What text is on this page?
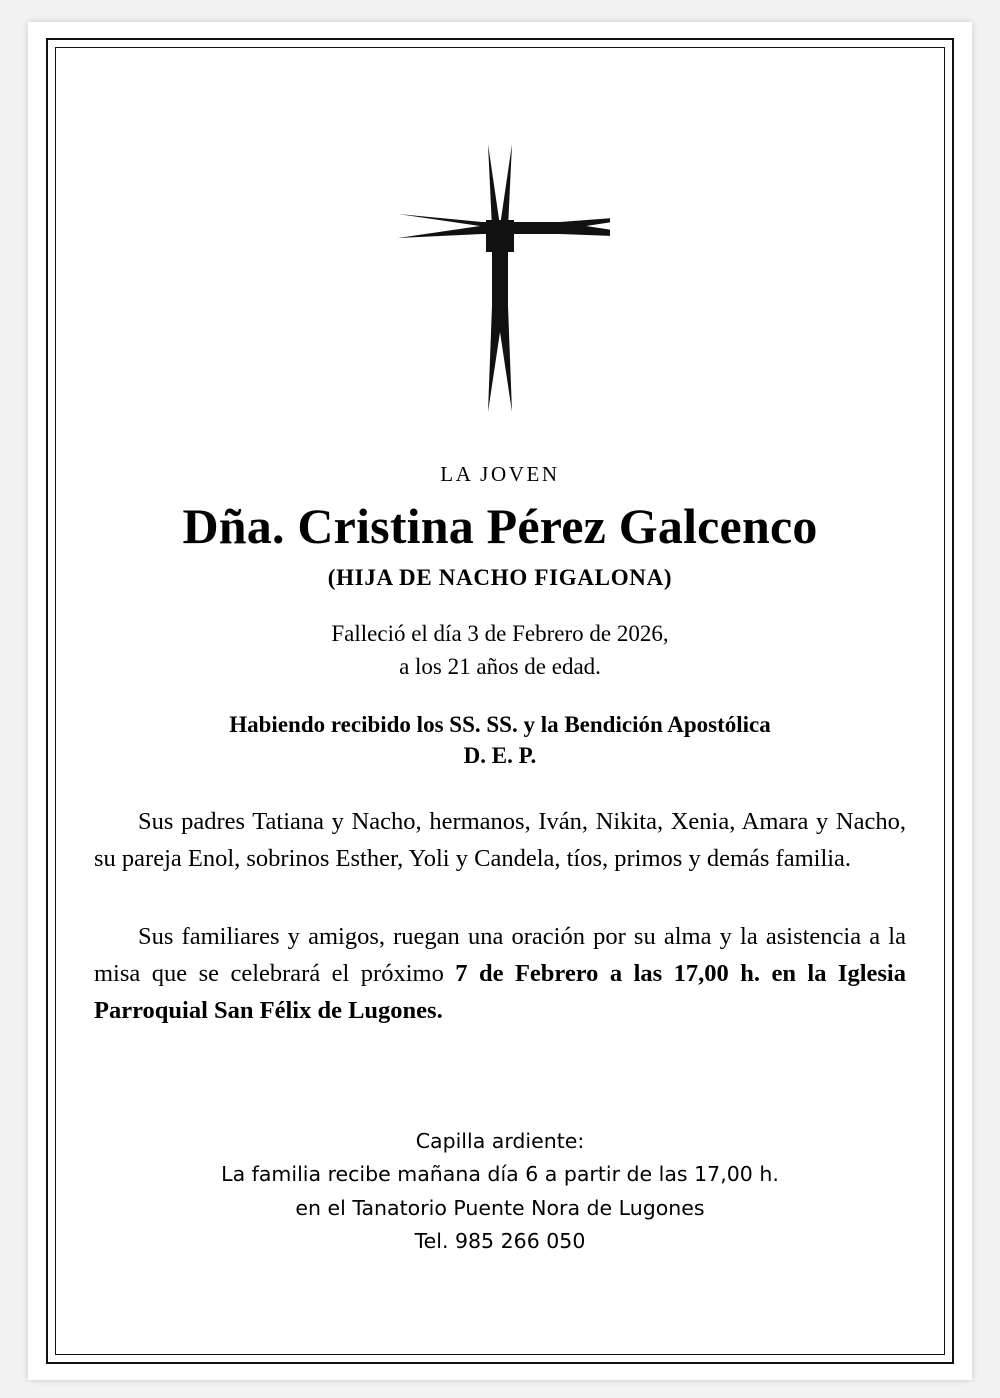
LA JOVEN
Dña. Cristina Pérez Galcenco
(HIJA DE NACHO FIGALONA)
Falleció el día 3 de Febrero de 2026,
a los 21 años de edad.
Habiendo recibido los SS. SS. y la Bendición Apostólica
D. E. P.

Sus padres Tatiana y Nacho, hermanos, Iván, Nikita, Xenia, Amara y Nacho, su pareja Enol, sobrinos Esther, Yoli y Candela, tíos, primos y demás familia.

Sus familiares y amigos, ruegan una oración por su alma y la asistencia a la misa que se celebrará el próximo 7 de Febrero a las 17,00 h. en la Iglesia Parroquial San Félix de Lugones.

Capilla ardiente:
La familia recibe mañana día 6 a partir de las 17,00 h.
en el Tanatorio Puente Nora de Lugones
Tel. 985 266 050
